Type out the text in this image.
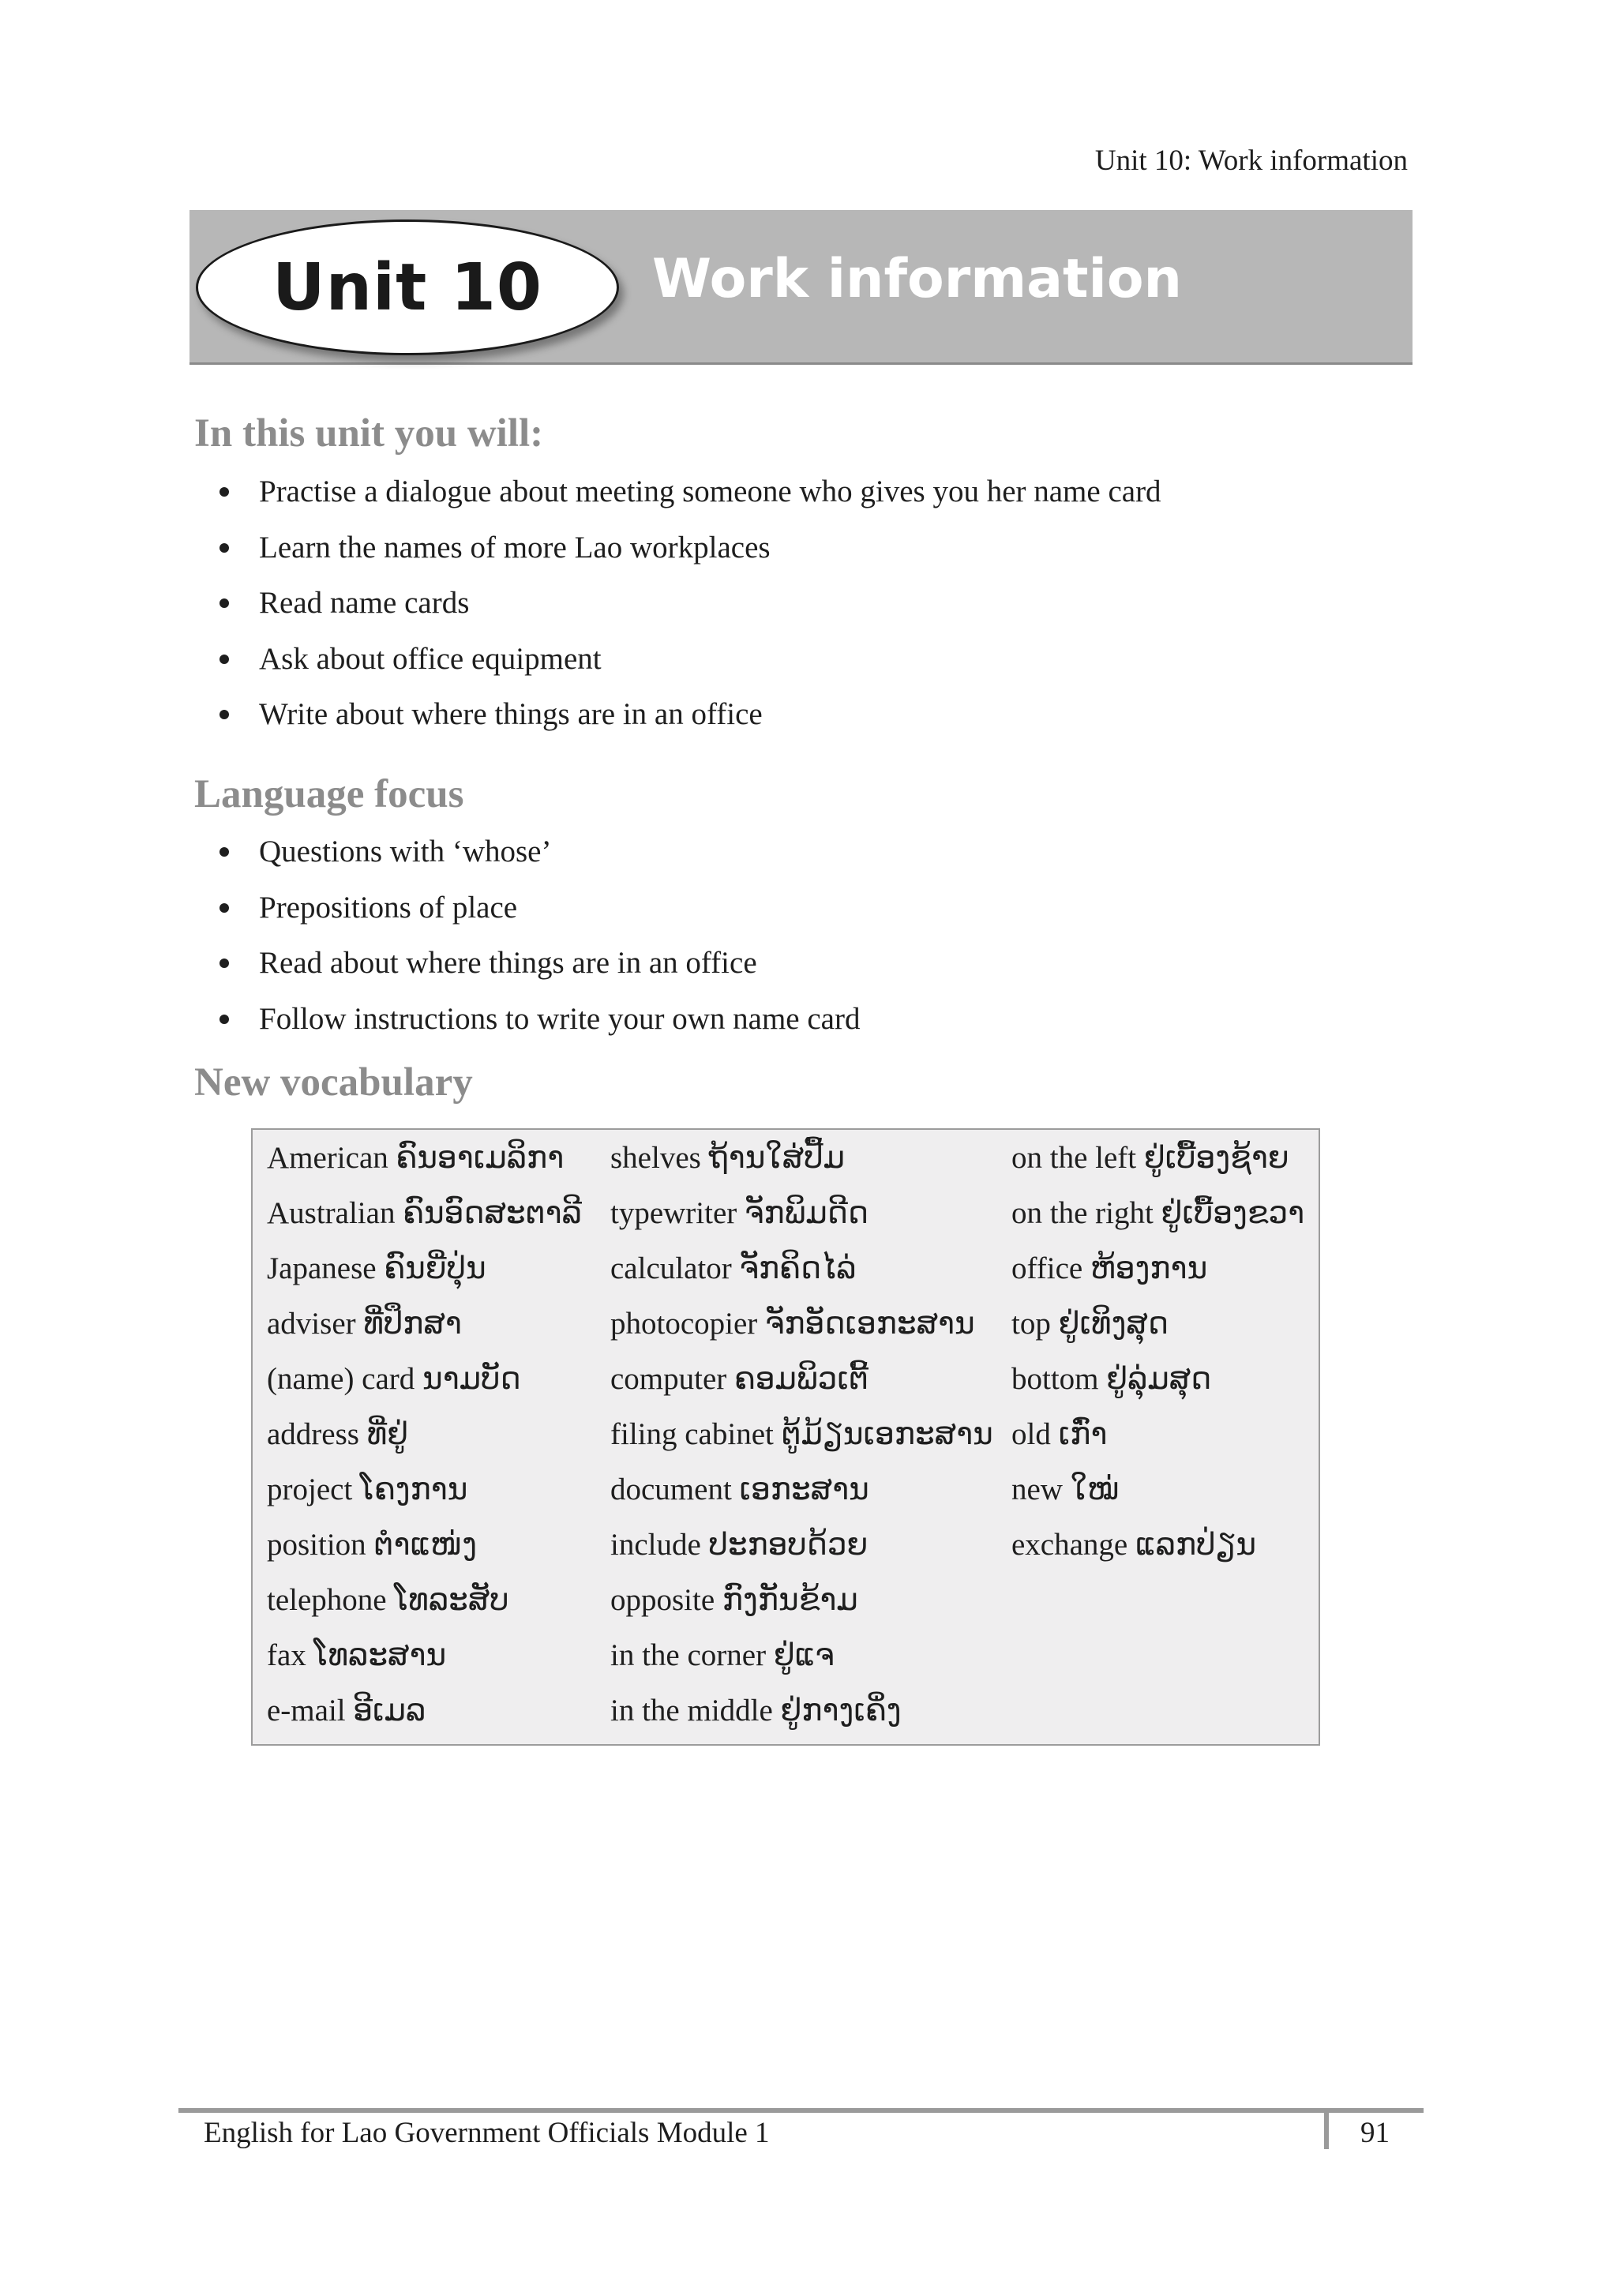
Unit 10: Work information
Unit 10 Work information
In this unit you will:
Practise a dialogue about meeting someone who gives you her name card
Learn the names of more Lao workplaces
Read name cards
Ask about office equipment
Write about where things are in an office
Language focus
Questions with ‘whose’
Prepositions of place
Read about where things are in an office
Follow instructions to write your own name card
New vocabulary
American ຄົນອາເມລິກາ
Australian ຄົນອົດສະຕາລີ
Japanese ຄົນຍີ່ປຸ່ນ
adviser ທີ່ປຶກສາ
(name) card ນາມບັດ
address ທີ່ຢູ່
project ໂຄງການ
position ຕຳແໜ່ງ
telephone ໂທລະສັບ
fax ໂທລະສານ
e-mail ອີເມລ
shelves ຖ້ານໃສ່ປື້ມ
typewriter ຈັກພິມດີດ
calculator ຈັກຄິດໄລ່
photocopier ຈັກອັດເອກະສານ
computer ຄອມພິວເຕີ້
filing cabinet ຕູ້ມ້ຽນເອກະສານ
document ເອກະສານ
include ປະກອບດ້ວຍ
opposite ກົງກັນຂ້າມ
in the corner ຢູ່ແຈ
in the middle ຢູ່ກາງເຄິ່ງ
on the left ຢູ່ເບື້ອງຊ້າຍ
on the right ຢູ່ເບື້ອງຂວາ
office ຫ້ອງການ
top ຢູ່ເທິງສຸດ
bottom ຢູ່ລຸ່ມສຸດ
old ເກົ່າ
new ໃໝ່
exchange ແລກປ່ຽນ
English for Lao Government Officials Module 1	91
